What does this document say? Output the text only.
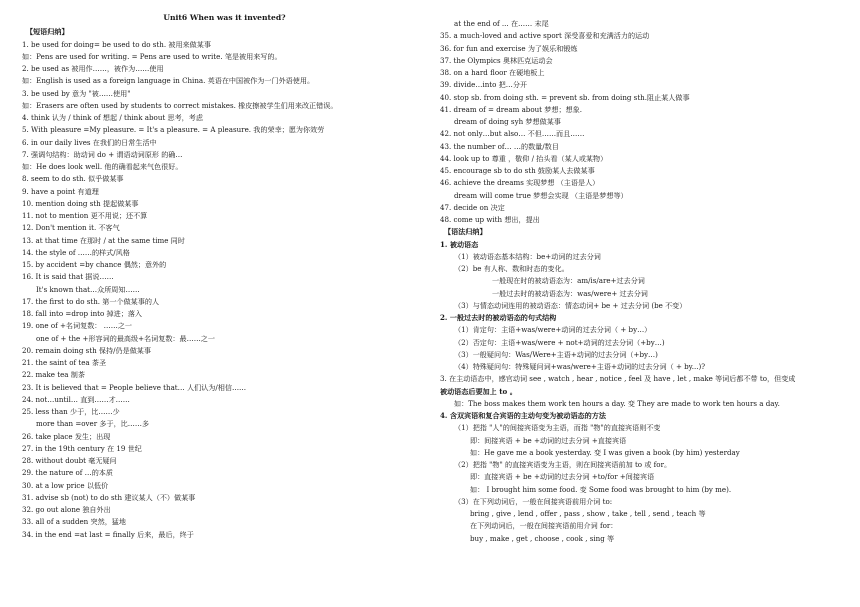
Unit6 When was it invented?
【短语归纳】
1. be used for doing= be used to do sth. 被用来做某事
如：Pens are used for writing. = Pens are used to write. 笔是被用来写的。
2. be used as 被用作……，被作为……使用
如：English is used as a foreign language in China. 英语在中国被作为一门外语使用。
3. be used by 意为 "被……使用"
如：Erasers are often used by students to correct mistakes. 橡皮擦被学生们用来改正错误。
4. think 认为 / think of 想起 / think about 思考，考虑
5. With pleasure =My pleasure. = It's a pleasure. = A pleasure. 我的荣幸；愿为你效劳
6. in our daily lives 在我们的日常生活中
7. 强调句结构：助动词 do + 谓语动词原形 的确…
如：He does look well. 他的确看起来气色很好。
8. seem to do sth. 似乎做某事
9. have a point 有道理
10. mention doing sth 提起做某事
11. not to mention 更不用说；还不算
12. Don't mention it. 不客气
13. at that time 在那时 / at the same time 同时
14. the style of ……的样式/风格
15. by accident =by chance 偶然；意外的
16. It is said that 据说……
It's known that…众所周知……
17. the first to do sth. 第一个做某事的人
18. fall into =drop into 掉进；落入
19. one of +名词复数： ……之一
one of + the +形容词的最高级+名词复数：最……之一
20. remain doing sth 保持/仍是做某事
21. the saint of tea 茶圣
22. make tea 制茶
23. It is believed that = People believe that… 人们认为/相信……
24. not…until… 直到……才……
25. less than 少于，比……少
more than =over 多于，比……多
26. take place 发生；出现
27. in the 19th century 在 19 世纪
28. without doubt 毫无疑问
29. the nature of …的本质
30. at a low price 以低价
31. advise sb (not) to do sth 建议某人（不）做某事
32. go out alone 独自外出
33. all of a sudden 突然，猛地
34. in the end =at last = finally 后来，最后，终于
at the end of ... 在…… 末尾
35. a much-loved and active sport 深受喜爱和充满活力的运动
36. for fun and exercise 为了娱乐和锻炼
37. the Olympics 奥林匹克运动会
38. on a hard floor 在硬地板上
39. divide…into 把…分开
40. stop sb. from doing sth. = prevent sb. from doing sth.阻止某人做事
41. dream of = dream about 梦想；想象.
dream of doing syh 梦想做某事
42. not only…but also… 不但……而且……
43. the number of… …的数量/数目
44. look up to 尊重 ，敬仰 / 抬头看（某人或某物）
45. encourage sb to do sth 鼓励某人去做某事
46. achieve the dreams 实现梦想 （主语是人）
dream will come true 梦想会实现 （主语是梦想等）
47. decide on 决定
48. come up with 想出，提出
【语法归纳】
1. 被动语态
（1）被动语态基本结构：be+动词的过去分词
（2）be 有人称、数和时态的变化。
一般现在时的被动语态为：am/is/are+过去分词
一般过去时的被动语态为：was/were+ 过去分词
（3）与情态动词连用的被动语态：情态动词+ be + 过去分词 (be 不变）
2. 一般过去时的被动语态的句式结构
（1）肯定句：主语+was/were+动词的过去分词（ + by…）
（2）否定句：主语+was/were + not+动词的过去分词（+by…)
（3）一般疑问句：Was/Were+主语+动词的过去分词（+by…)
（4）特殊疑问句：特殊疑问词+was/were+主语+动词的过去分词（ + by...)?
3. 在主动语态中，感官动词 see , watch , hear , notice , feel 及 have , let , make 等词后都不带 to，但变成
被动语态后要加上 to 。
如：The boss makes them work ten hours a day. 变 They are made to work ten hours a day.
4. 含双宾语和复合宾语的主动句变为被动语态的方法
（1）把指 "人"的间接宾语变为主语，而指 "物"的直接宾语则不变
即：间接宾语 + be +动词的过去分词 +直接宾语
如：He gave me a book yesterday. 变 I was given a book (by him) yesterday
（2）把指 "物" 的直接宾语变为主语，则在间接宾语前加 to 或 for。
即：直接宾语 + be +动词的过去分词 +to/for +间接宾语
如： I brought him some food. 变 Some food was brought to him (by me).
（3）在下列动词后，一般在间接宾语前用介词 to:
bring , give , lend , offer , pass , show , take , tell , send , teach 等
在下列动词后，一般在间接宾语前用介词 for：
buy , make , get , choose , cook , sing 等
